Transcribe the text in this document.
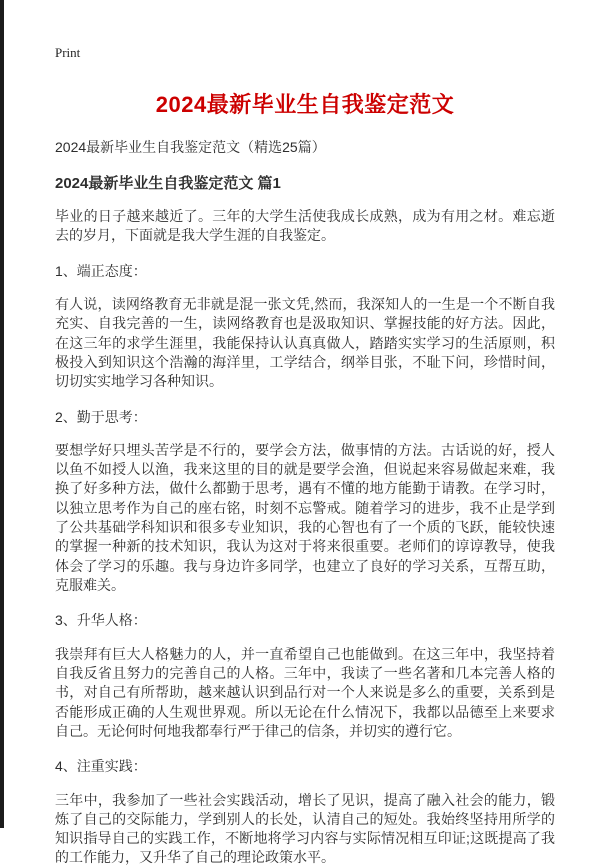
Print
2024最新毕业生自我鉴定范文
2024最新毕业生自我鉴定范文（精选25篇）
2024最新毕业生自我鉴定范文 篇1

毕业的日子越来越近了。三年的大学生活使我成长成熟，成为有用之材。难忘逝去的岁月，下面就是我大学生涯的自我鉴定。

1、端正态度：

有人说，读网络教育无非就是混一张文凭,然而，我深知人的一生是一个不断自我充实、自我完善的一生，读网络教育也是汲取知识、掌握技能的好方法。因此，在这三年的求学生涯里，我能保持认认真真做人，踏踏实实学习的生活原则，积极投入到知识这个浩瀚的海洋里，工学结合，纲举目张，不耻下问，珍惜时间，切切实实地学习各种知识。

2、勤于思考：

要想学好只埋头苦学是不行的，要学会方法，做事情的方法。古话说的好，授人以鱼不如授人以渔，我来这里的目的就是要学会渔，但说起来容易做起来难，我换了好多种方法，做什么都勤于思考，遇有不懂的地方能勤于请教。在学习时，以独立思考作为自己的座右铭，时刻不忘警戒。随着学习的进步，我不止是学到了公共基础学科知识和很多专业知识，我的心智也有了一个质的飞跃，能较快速的掌握一种新的技术知识，我认为这对于将来很重要。老师们的谆谆教导，使我体会了学习的乐趣。我与身边许多同学，也建立了良好的学习关系，互帮互助，克服难关。

3、升华人格：

我崇拜有巨大人格魅力的人，并一直希望自己也能做到。在这三年中，我坚持着自我反省且努力的完善自己的人格。三年中，我读了一些名著和几本完善人格的书，对自己有所帮助，越来越认识到品行对一个人来说是多么的重要，关系到是否能形成正确的人生观世界观。所以无论在什么情况下，我都以品德至上来要求自己。无论何时何地我都奉行严于律己的信条，并切实的遵行它。

4、注重实践：

三年中，我参加了一些社会实践活动，增长了见识，提高了融入社会的能力，锻炼了自己的交际能力，学到别人的长处，认清自己的短处。我始终坚持用所学的知识指导自己的实践工作，不断地将学习内容与实际情况相互印证;这既提高了我的工作能力，又升华了自己的理论政策水平。
